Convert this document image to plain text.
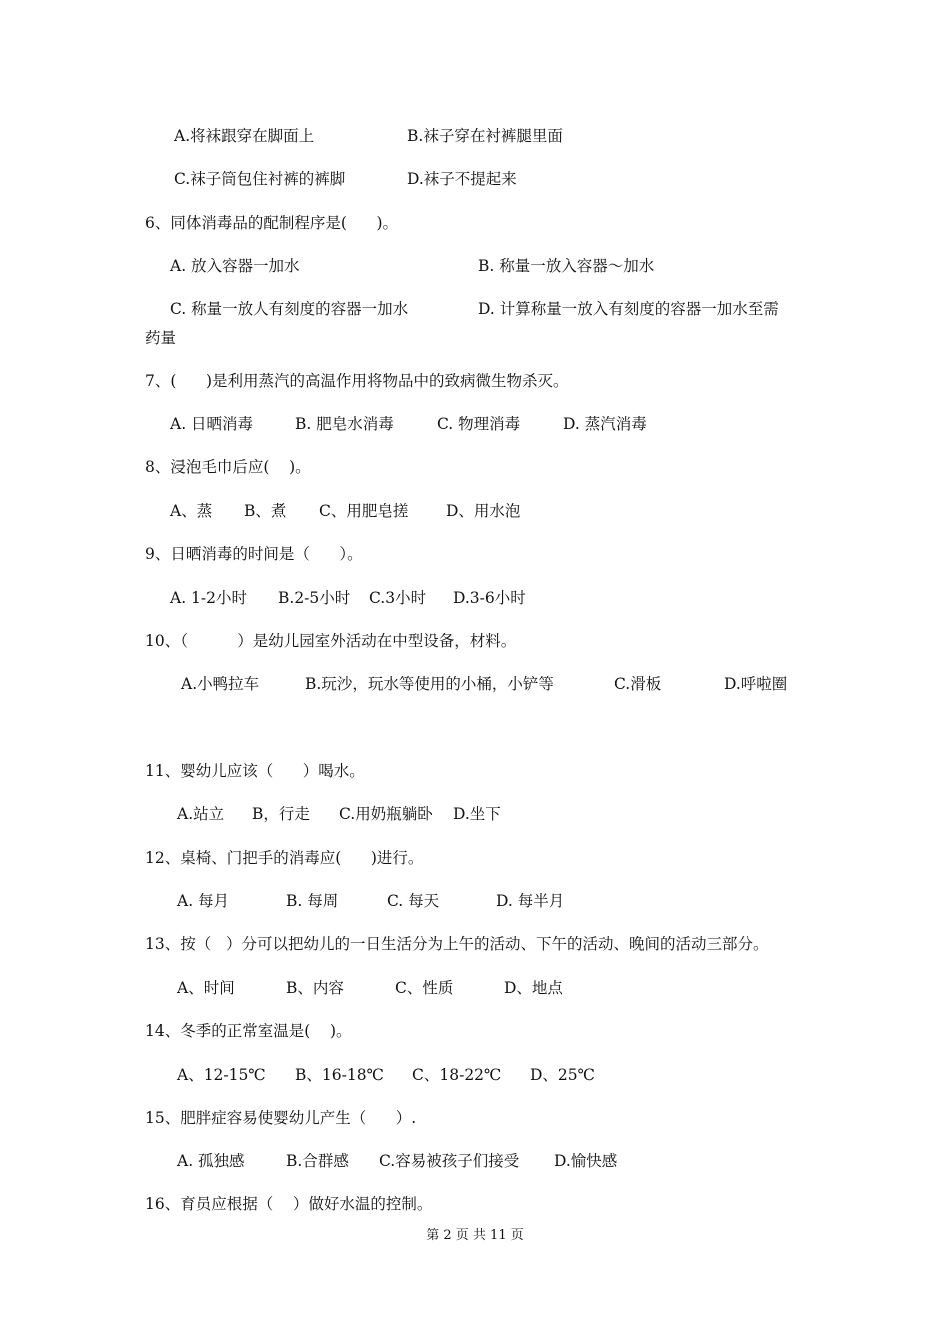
A.将袜跟穿在脚面上	B.袜子穿在衬裤腿里面
C.袜子筒包住衬裤的裤脚	D.袜子不提起来
6、同体消毒品的配制程序是(      )。
A. 放入容器一加水	B. 称量一放入容器～加水
C. 称量一放人有刻度的容器一加水	D. 计算称量一放入有刻度的容器一加水至需
药量
7、(      )是利用蒸汽的高温作用将物品中的致病微生物杀灭。
A. 日晒消毒	B. 肥皂水消毒	C. 物理消毒	D. 蒸汽消毒
8、浸泡毛巾后应(    )。
A、蒸 B、煮 C、用肥皂搓 D、用水泡
9、日晒消毒的时间是（      ）。
A. 1-2小时 B.2-5小时 C.3小时 D.3-6小时
10、（          ）是幼儿园室外活动在中型设备，材料。
A.小鸭拉车	B.玩沙，玩水等使用的小桶，小铲等	C.滑板	D.呼啦圈
11、婴幼儿应该（      ）喝水。
A.站立 B，行走 C.用奶瓶躺卧 D.坐下
12、桌椅、门把手的消毒应(      )进行。
A. 每月	B. 每周	C. 每天	D. 每半月
13、按（   ）分可以把幼儿的一日生活分为上午的活动、下午的活动、晚间的活动三部分。
A、时间	B、内容	C、性质	D、地点
14、冬季的正常室温是(    )。
A、12-15℃ B、16-18℃ C、18-22℃ D、25℃
15、肥胖症容易使婴幼儿产生（      ）.
A. 孤独感	B.合群感 C.容易被孩子们接受 D.愉快感
16、育员应根据（    ）做好水温的控制。
第 2 页 共 11 页
